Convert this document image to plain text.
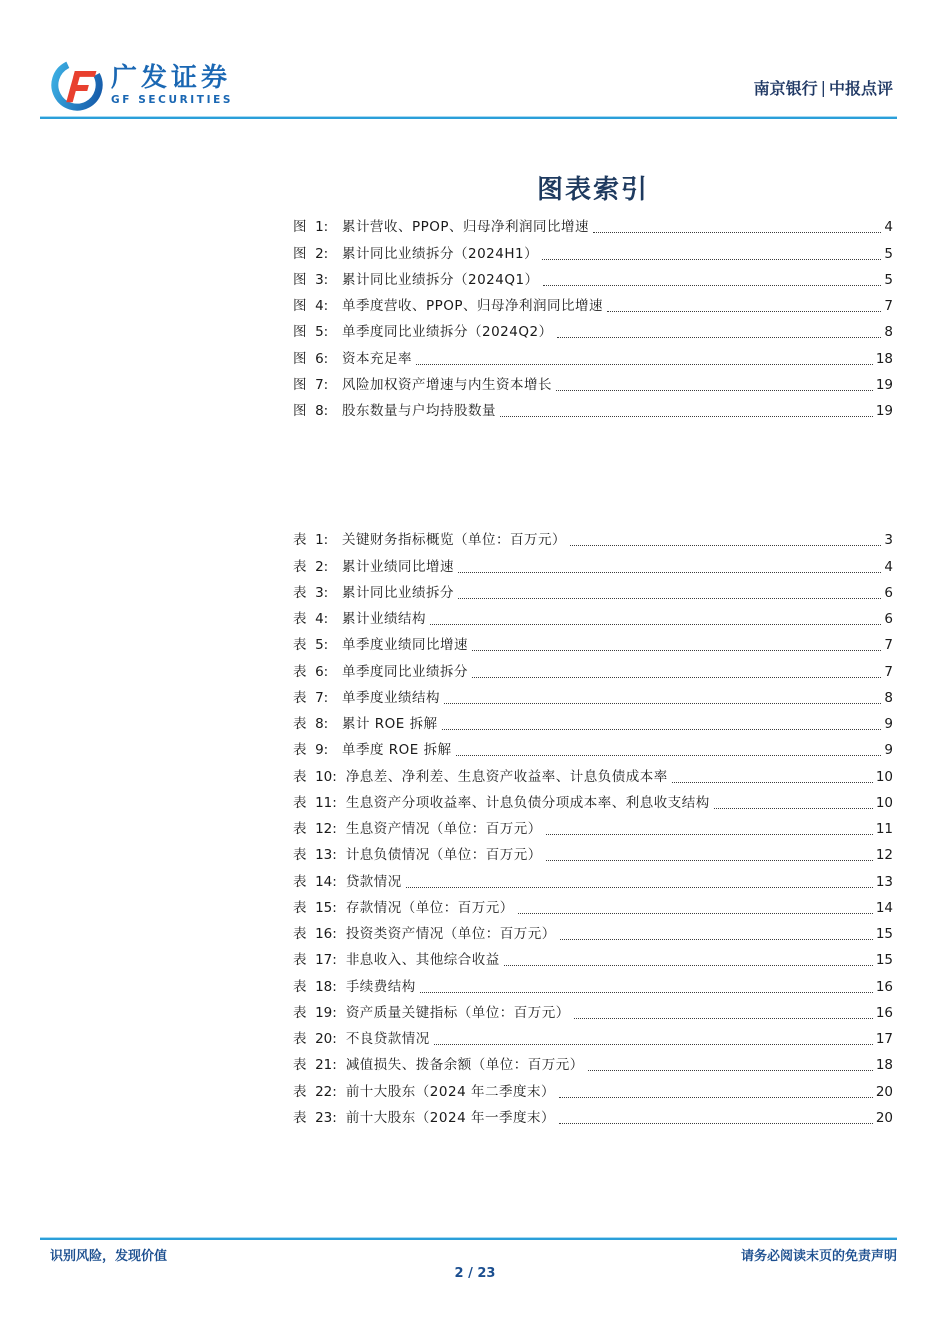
广发证券
GF SECURITIES
南京银行 | 中报点评
图表索引
图  1:	累计营收、PPOP、归母净利润同比增速	4
图  2:	累计同比业绩拆分（2024H1）	5
图  3:	累计同比业绩拆分（2024Q1）	5
图  4:	单季度营收、PPOP、归母净利润同比增速	7
图  5:	单季度同比业绩拆分（2024Q2）	8
图  6:	资本充足率	18
图  7:	风险加权资产增速与内生资本增长	19
图  8:	股东数量与户均持股数量	19
表  1:	关键财务指标概览（单位：百万元）	3
表  2:	累计业绩同比增速	4
表  3:	累计同比业绩拆分	6
表  4:	累计业绩结构	6
表  5:	单季度业绩同比增速	7
表  6:	单季度同比业绩拆分	7
表  7:	单季度业绩结构	8
表  8:	累计 ROE 拆解	9
表  9:	单季度 ROE 拆解	9
表  10: 净息差、净利差、生息资产收益率、计息负债成本率	10
表  11: 生息资产分项收益率、计息负债分项成本率、利息收支结构	10
表  12: 生息资产情况（单位：百万元）	11
表  13: 计息负债情况（单位：百万元）	12
表  14: 贷款情况	13
表  15: 存款情况（单位：百万元）	14
表  16: 投资类资产情况（单位：百万元）	15
表  17: 非息收入、其他综合收益	15
表  18: 手续费结构	16
表  19: 资产质量关键指标（单位：百万元）	16
表  20: 不良贷款情况	17
表  21: 减值损失、拨备余额（单位：百万元）	18
表  22: 前十大股东（2024 年二季度末）	20
表  23: 前十大股东（2024 年一季度末）	20
识别风险，发现价值	请务必阅读末页的免责声明
2 / 23
